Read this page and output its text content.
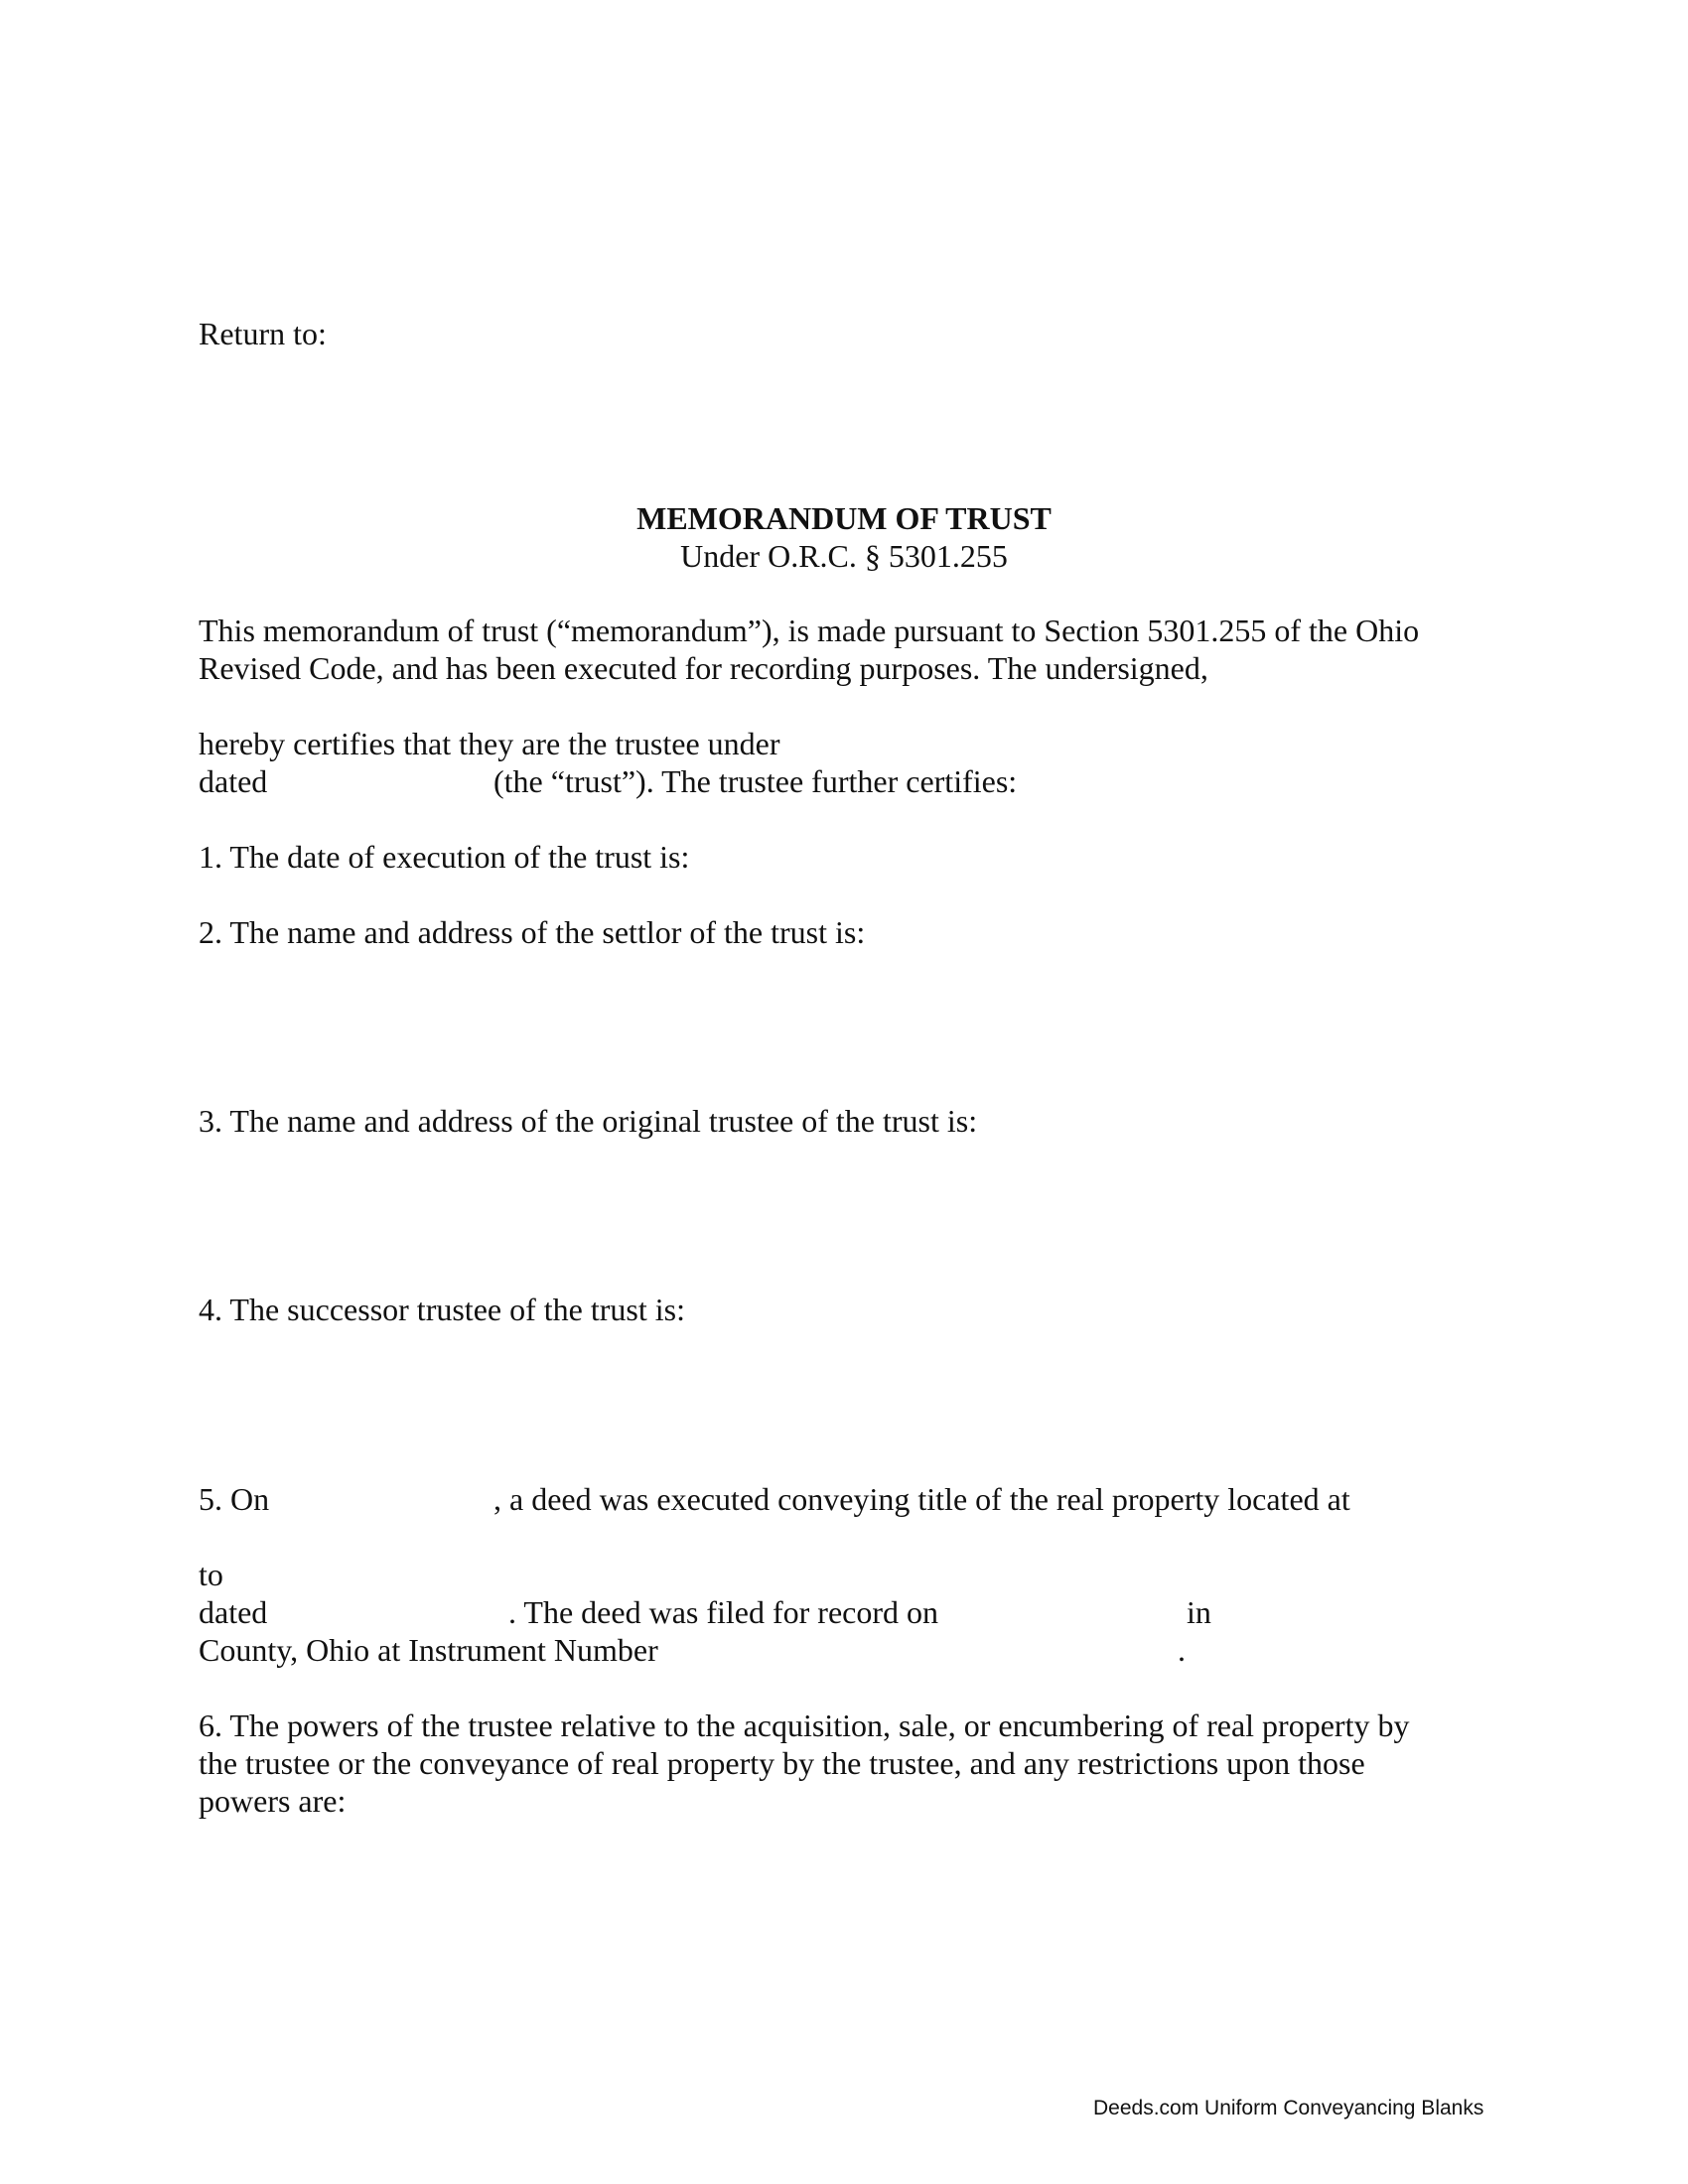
Return to:
MEMORANDUM OF TRUST
Under O.R.C. § 5301.255
This memorandum of trust (“memorandum”), is made pursuant to Section 5301.255 of the Ohio
Revised Code, and has been executed for recording purposes. The undersigned,
hereby certifies that they are the trustee under
dated	(the “trust”). The trustee further certifies:
1. The date of execution of the trust is:
2. The name and address of the settlor of the trust is:
3. The name and address of the original trustee of the trust is:
4. The successor trustee of the trust is:
5. On	, a deed was executed conveying title of the real property located at
to
dated	. The deed was filed for record on	in
County, Ohio at Instrument Number	.
6. The powers of the trustee relative to the acquisition, sale, or encumbering of real property by
the trustee or the conveyance of real property by the trustee, and any restrictions upon those
powers are:
Deeds.com Uniform Conveyancing Blanks
